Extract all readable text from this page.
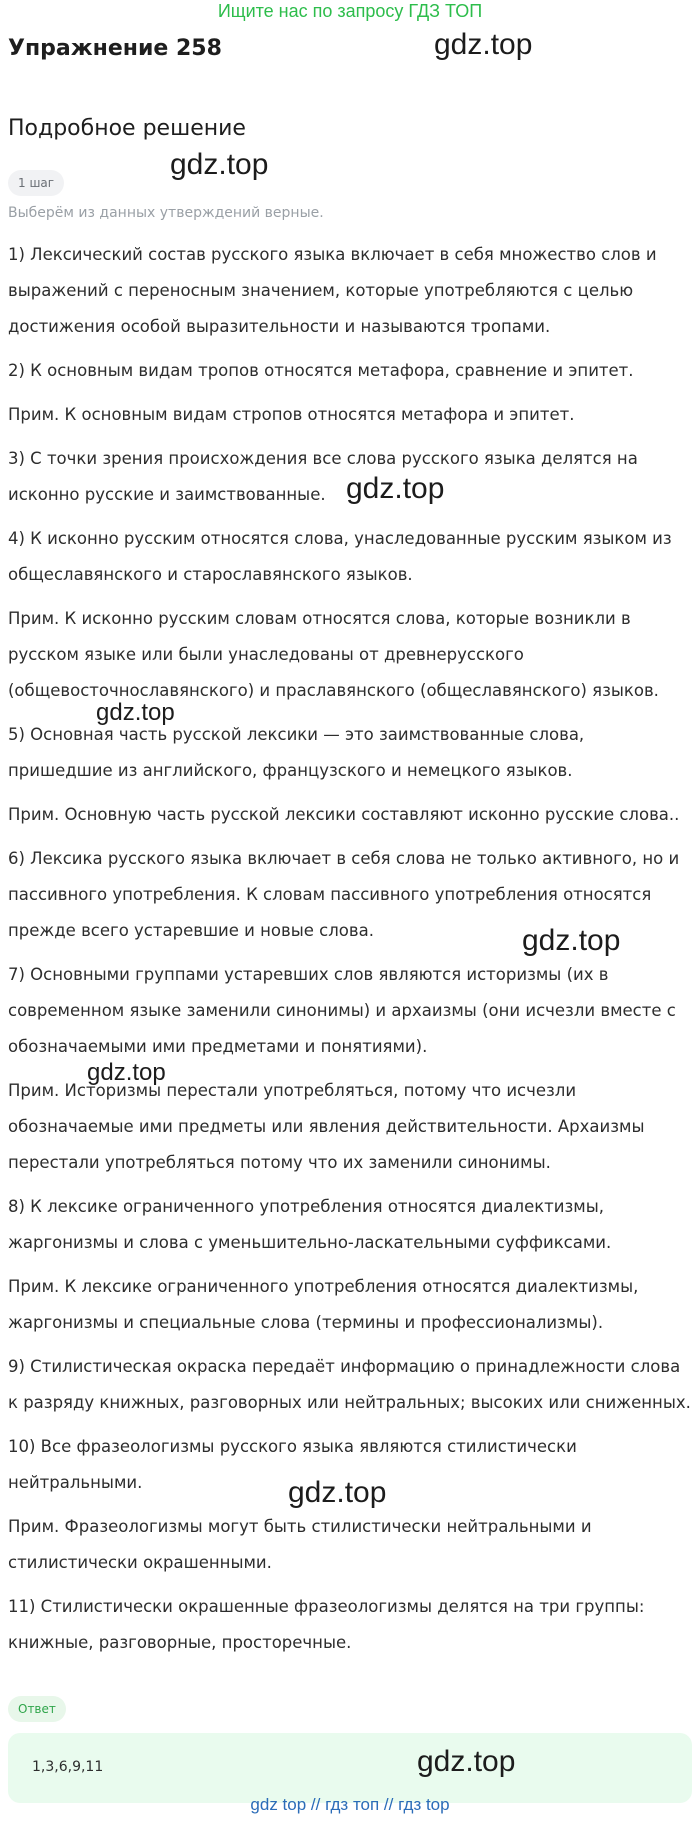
Ищите нас по запросу ГДЗ ТОП
Упражнение 258
Подробное решение
1 шаг
Выберём из данных утверждений верные.

1) Лексический состав русского языка включает в себя множество слов и выражений с переносным значением, которые употребляются с целью достижения особой выразительности и называются тропами.

2) К основным видам тропов относятся метафора, сравнение и эпитет.

Прим. К основным видам стропов относятся метафора и эпитет.

3) С точки зрения происхождения все слова русского языка делятся на исконно русские и заимствованные.

4) К исконно русским относятся слова, унаследованные русским языком из общеславянского и старославянского языков.

Прим. К исконно русским словам относятся слова, которые возникли в русском языке или были унаследованы от древнерусского (общевосточнославянского) и праславянского (общеславянского) языков.

5) Основная часть русской лексики — это заимствованные слова, пришедшие из английского, французского и немецкого языков.

Прим. Основную часть русской лексики составляют исконно русские слова..

6) Лексика русского языка включает в себя слова не только активного, но и пассивного употребления. К словам пассивного употребления относятся прежде всего устаревшие и новые слова.

7) Основными группами устаревших слов являются историзмы (их в современном языке заменили синонимы) и архаизмы (они исчезли вместе с обозначаемыми ими предметами и понятиями).

Прим. Историзмы перестали употребляться, потому что исчезли обозначаемые ими предметы или явления действительности. Архаизмы перестали употребляться потому что их заменили синонимы.

8) К лексике ограниченного употребления относятся диалектизмы, жаргонизмы и слова с уменьшительно-ласкательными суффиксами.

Прим. К лексике ограниченного употребления относятся диалектизмы, жаргонизмы и специальные слова (термины и профессионализмы).

9) Стилистическая окраска передаёт информацию о принадлежности слова к разряду книжных, разговорных или нейтральных; высоких или сниженных.

10) Все фразеологизмы русского языка являются стилистически нейтральными.

Прим. Фразеологизмы могут быть стилистически нейтральными и стилистически окрашенными.

11) Стилистически окрашенные фразеологизмы делятся на три группы: книжные, разговорные, просторечные.

Ответ
1,3,6,9,11
gdz.top
gdz.top
gdz.top
gdz.top
gdz.top
gdz.top
gdz.top
gdz.top
gdz top // гдз топ // гдз top
